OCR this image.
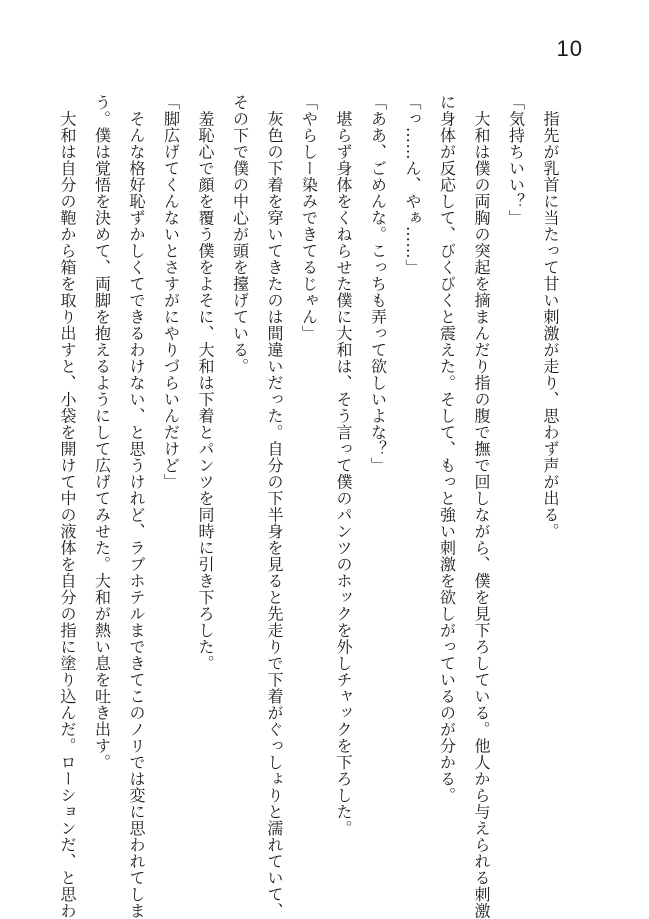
10

　指先が乳首に当たって甘い刺激が走り、思わず声が出る。

「気持ちいい？」

　大和は僕の両胸の突起を摘まんだり指の腹で撫で回しながら、僕を見下ろしている。他人から与えられる刺激

に身体が反応して、びくびくと震えた。そして、もっと強い刺激を欲しがっているのが分かる。

「っ……ん、やぁ……」

「ああ、ごめんな。こっちも弄って欲しいよな？」

　堪らず身体をくねらせた僕に大和は、そう言って僕のパンツのホックを外しチャックを下ろした。

「やらしー染みできてるじゃん」

　灰色の下着を穿いてきたのは間違いだった。自分の下半身を見ると先走りで下着がぐっしょりと濡れていて、

その下で僕の中心が頭を擡げている。

　羞恥心で顔を覆う僕をよそに、大和は下着とパンツを同時に引き下ろした。

「脚広げてくんないとさすがにやりづらいんだけど」

　そんな格好恥ずかしくてできるわけない、と思うけれど、ラブホテルまできてこのノリでは変に思われてしま

う。僕は覚悟を決めて、両脚を抱えるようにして広げてみせた。大和が熱い息を吐き出す。

　大和は自分の鞄から箱を取り出すと、小袋を開けて中の液体を自分の指に塗り込んだ。ローションだ、と思わ
